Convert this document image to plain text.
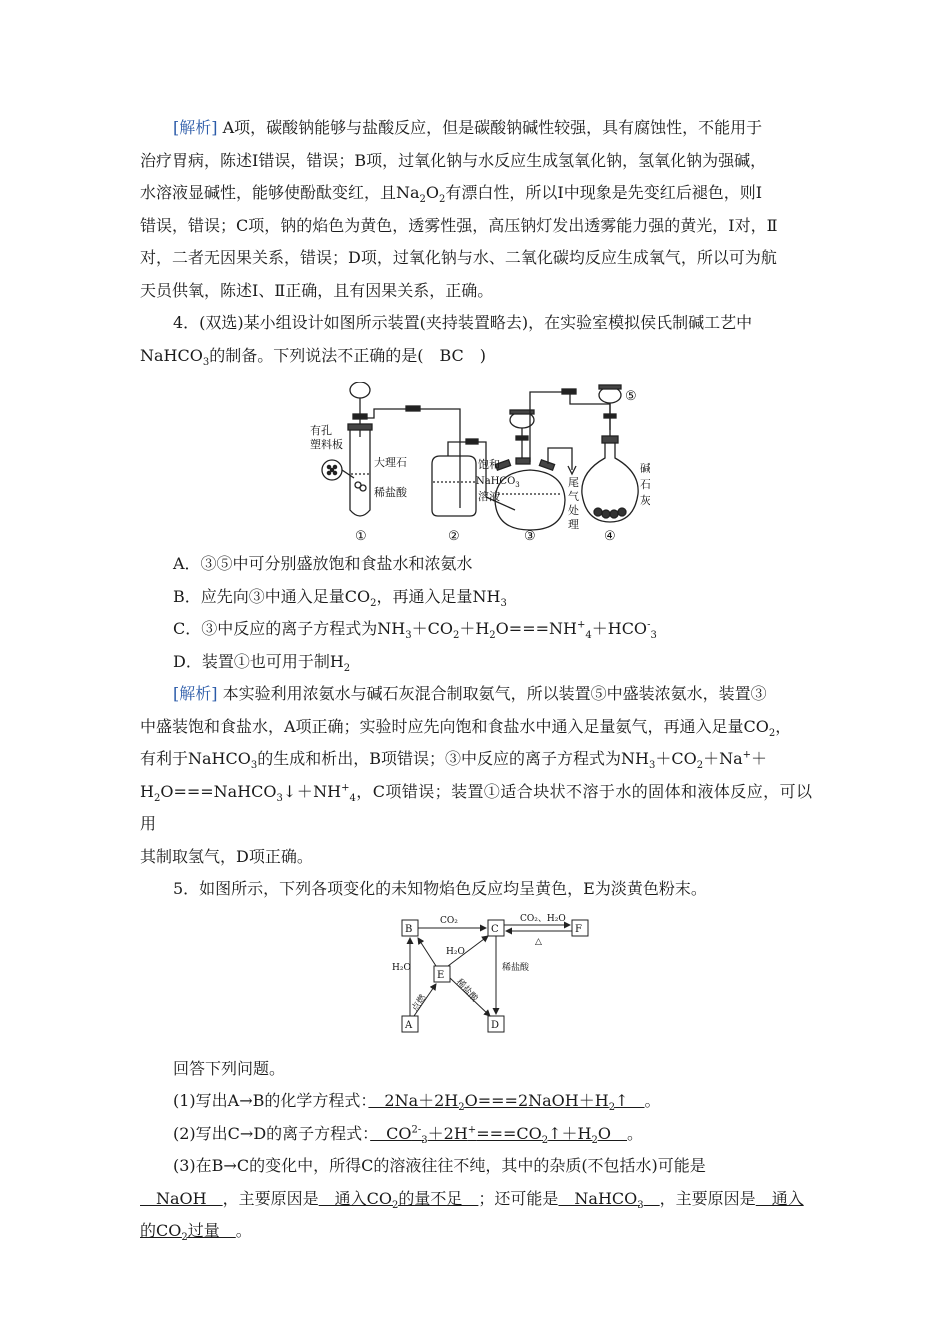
[解析] A项，碳酸钠能够与盐酸反应，但是碳酸钠碱性较强，具有腐蚀性，不能用于

治疗胃病，陈述Ⅰ错误，错误；B项，过氧化钠与水反应生成氢氧化钠，氢氧化钠为强碱，

水溶液显碱性，能够使酚酞变红，且$Na_2O_2$有漂白性，所以Ⅰ中现象是先变红后褪色，则Ⅰ

错误，错误；C项，钠的焰色为黄色，透雾性强，高压钠灯发出透雾能力强的黄光，Ⅰ对，Ⅱ

对，二者无因果关系，错误；D项，过氧化钠与水、二氧化碳均反应生成氧气，所以可为航

天员供氧，陈述Ⅰ、Ⅱ正确，且有因果关系，正确。

4．(双选)某小组设计如图所示装置(夹持装置略去)，在实验室模拟侯氏制碱工艺中

NaHCO$_3$的制备。下列说法不正确的是(　BC　)

有孔
塑料板
大理石
稀盐酸
饱和
NaHCO$_3$
溶液
尾
气
处
理
碱
石
灰
①	②	③	④
⑤

A．③⑤中可分别盛放饱和食盐水和浓氨水

B．应先向③中通入足量$CO_2$，再通入足量$NH_3$

C．③中反应的离子方程式为$NH_3+CO_2+H_2O===NH^+_4+HCO^-_3$

D．装置①也可用于制$H_2$

[解析] 本实验利用浓氨水与碱石灰混合制取氨气，所以装置⑤中盛装浓氨水，装置③

中盛装饱和食盐水，A项正确；实验时应先向饱和食盐水中通入足量氨气，再通入足量$CO_2$，

有利于NaHCO$_3$的生成和析出，B项错误；③中反应的离子方程式为$NH_3+CO_2+Na^++$

$H_2O===NaHCO_3↓+NH^+_4$，C项错误；装置①适合块状不溶于水的固体和液体反应，可以用

其制取氢气，D项正确。

5．如图所示，下列各项变化的未知物焰色反应均呈黄色，E为淡黄色粉末。

B	C	F
E
A	D
CO₂	CO₂、H₂O
△
H₂O
H₂O
稀盐酸
稀盐酸
点燃

回答下列问题。

(1)写出A→B的化学方程式：　$2Na+2H_2O===2NaOH+H_2↑$　。

(2)写出C→D的离子方程式：　$CO^{2-}_3+2H^+===CO_2↑+H_2O$　。

(3)在B→C的变化中，所得C的溶液往往不纯，其中的杂质(不包括水)可能是

　NaOH　，主要原因是　通入$CO_2$的量不足　；还可能是　NaHCO$_3$　 ，主要原因是　通入

的$CO_2$过量　。
